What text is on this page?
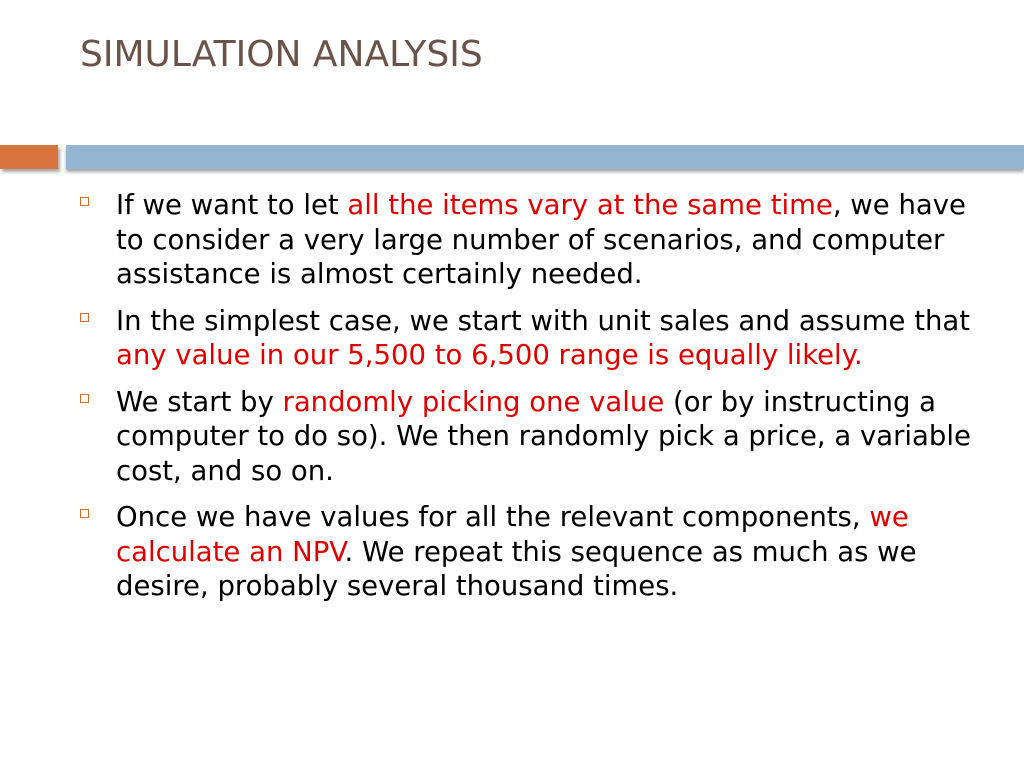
SIMULATION ANALYSIS
If we want to let all the items vary at the same time, we have to consider a very large number of scenarios, and computer assistance is almost certainly needed.
In the simplest case, we start with unit sales and assume that any value in our 5,500 to 6,500 range is equally likely.
We start by randomly picking one value (or by instructing a computer to do so). We then randomly pick a price, a variable cost, and so on.
Once we have values for all the relevant components, we calculate an NPV. We repeat this sequence as much as we desire, probably several thousand times.
